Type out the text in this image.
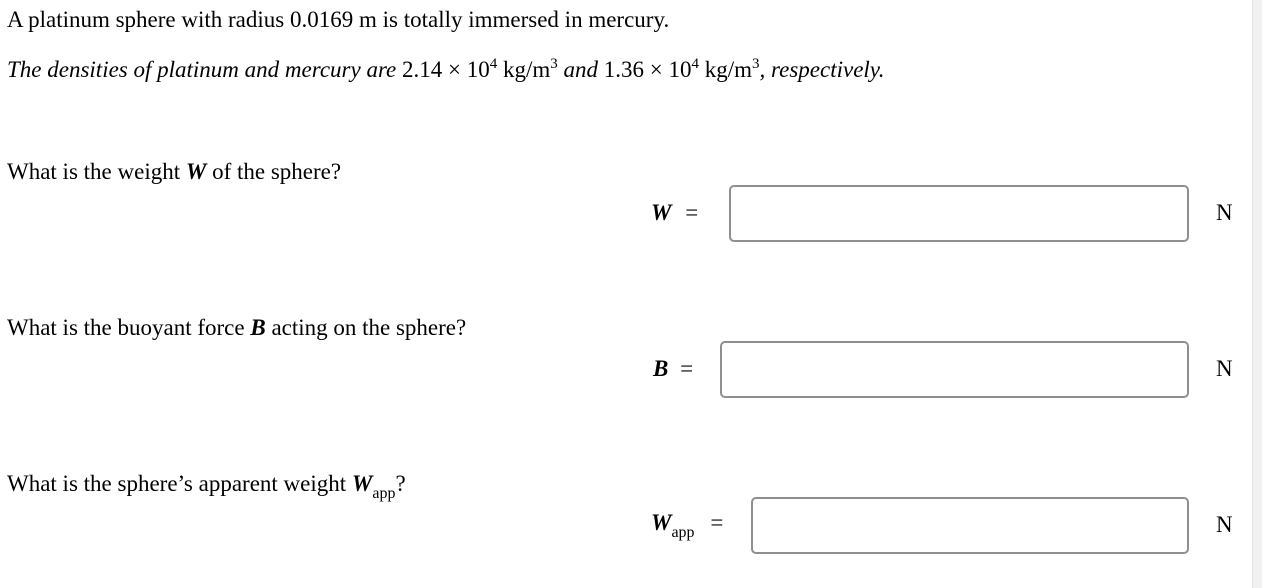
A platinum sphere with radius 0.0169 m is totally immersed in mercury.
The densities of platinum and mercury are $2.14 \times 10^4$ $kg/m^3$ and $1.36 \times 10^4$ $kg/m^3$, respectively.
What is the weight W of the sphere?
W =	N
What is the buoyant force B acting on the sphere?
B =	N
What is the sphere’s apparent weight $W_{app}$?
$W_{app}$ =	N
